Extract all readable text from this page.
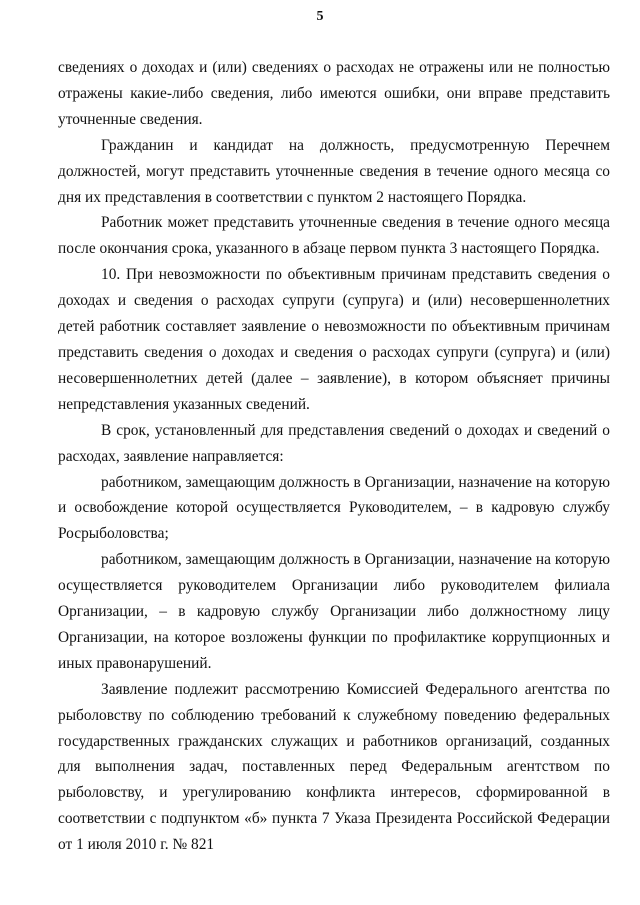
5

сведениях о доходах и (или) сведениях о расходах не отражены или не полностью отражены какие-либо сведения, либо имеются ошибки, они вправе представить уточненные сведения.

Гражданин и кандидат на должность, предусмотренную Перечнем должностей, могут представить уточненные сведения в течение одного месяца со дня их представления в соответствии с пунктом 2 настоящего Порядка.

Работник может представить уточненные сведения в течение одного месяца после окончания срока, указанного в абзаце первом пункта 3 настоящего Порядка.

10. При невозможности по объективным причинам представить сведения о доходах и сведения о расходах супруги (супруга) и (или) несовершеннолетних детей работник составляет заявление о невозможности по объективным причинам представить сведения о доходах и сведения о расходах супруги (супруга) и (или) несовершеннолетних детей (далее – заявление), в котором объясняет причины непредставления указанных сведений.

В срок, установленный для представления сведений о доходах и сведений о расходах, заявление направляется:

работником, замещающим должность в Организации, назначение на которую и освобождение которой осуществляется Руководителем, – в кадровую службу Росрыболовства;

работником, замещающим должность в Организации, назначение на которую осуществляется руководителем Организации либо руководителем филиала Организации, – в кадровую службу Организации либо должностному лицу Организации, на которое возложены функции по профилактике коррупционных и иных правонарушений.

Заявление подлежит рассмотрению Комиссией Федерального агентства по рыболовству по соблюдению требований к служебному поведению федеральных государственных гражданских служащих и работников организаций, созданных для выполнения задач, поставленных перед Федеральным агентством по рыболовству, и урегулированию конфликта интересов, сформированной в соответствии с подпунктом «б» пункта 7 Указа Президента Российской Федерации от 1 июля 2010 г. № 821
